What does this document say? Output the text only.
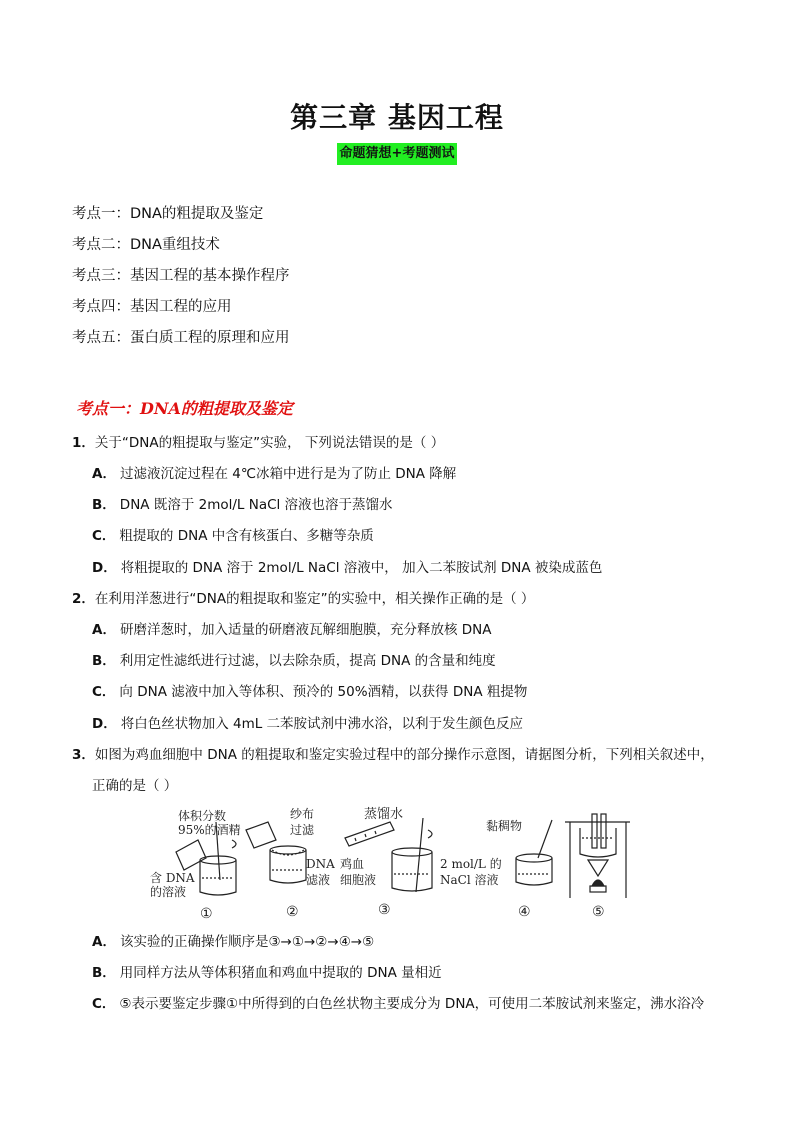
第三章 基因工程
命题猜想+考题测试
考点一：DNA的粗提取及鉴定
考点二：DNA重组技术
考点三：基因工程的基本操作程序
考点四：基因工程的应用
考点五：蛋白质工程的原理和应用
考点一：DNA的粗提取及鉴定
1．关于“DNA的粗提取与鉴定”实验， 下列说法错误的是（ ）
A． 过滤液沉淀过程在 4℃冰箱中进行是为了防止 DNA 降解
B． DNA 既溶于 2mol/L NaCl 溶液也溶于蒸馏水
C． 粗提取的 DNA 中含有核蛋白、多糖等杂质
D． 将粗提取的 DNA 溶于 2mol/L NaCl 溶液中， 加入二苯胺试剂 DNA 被染成蓝色
2．在利用洋葱进行“DNA的粗提取和鉴定”的实验中，相关操作正确的是（ ）
A． 研磨洋葱时，加入适量的研磨液瓦解细胞膜，充分释放核 DNA
B． 利用定性滤纸进行过滤，以去除杂质，提高 DNA 的含量和纯度
C． 向 DNA 滤液中加入等体积、预冷的 50%酒精，以获得 DNA 粗提物
D． 将白色丝状物加入 4mL 二苯胺试剂中沸水浴，以利于发生颜色反应
3．如图为鸡血细胞中 DNA 的粗提取和鉴定实验过程中的部分操作示意图，请据图分析，下列相关叙述中，
正确的是（ ）
体积分数
95%的酒精
含 DNA
的溶液
纱布
过滤
DNA
滤液
蒸馏水
鸡血
细胞液
黏稠物
2 mol/L 的
NaCl 溶液
①	②	③	④	⑤
A． 该实验的正确操作顺序是③→①→②→④→⑤
B． 用同样方法从等体积猪血和鸡血中提取的 DNA 量相近
C． ⑤表示要鉴定步骤①中所得到的白色丝状物主要成分为 DNA，可使用二苯胺试剂来鉴定，沸水浴冷
